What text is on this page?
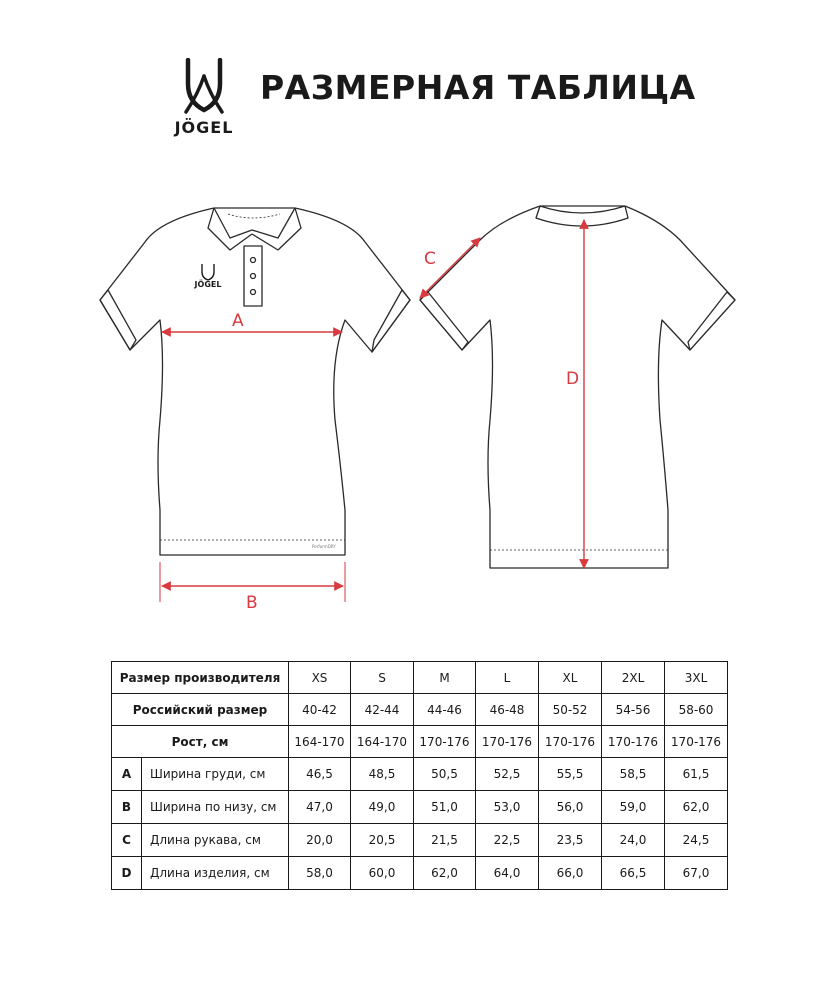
JÖGEL
РАЗМЕРНАЯ ТАБЛИЦА
JÖGEL
PerformDRY
A
B
C
D
Размер производителя		XS	S	M	L	XL	2XL	3XL
Российский размер		40-42	42-44	44-46	46-48	50-52	54-56	58-60
Рост, см		164-170	164-170	170-176	170-176	170-176	170-176	170-176
A	Ширина груди, см	46,5	48,5	50,5	52,5	55,5	58,5	61,5
B	Ширина по низу, см	47,0	49,0	51,0	53,0	56,0	59,0	62,0
C	Длина рукава, см	20,0	20,5	21,5	22,5	23,5	24,0	24,5
D	Длина изделия, см	58,0	60,0	62,0	64,0	66,0	66,5	67,0
